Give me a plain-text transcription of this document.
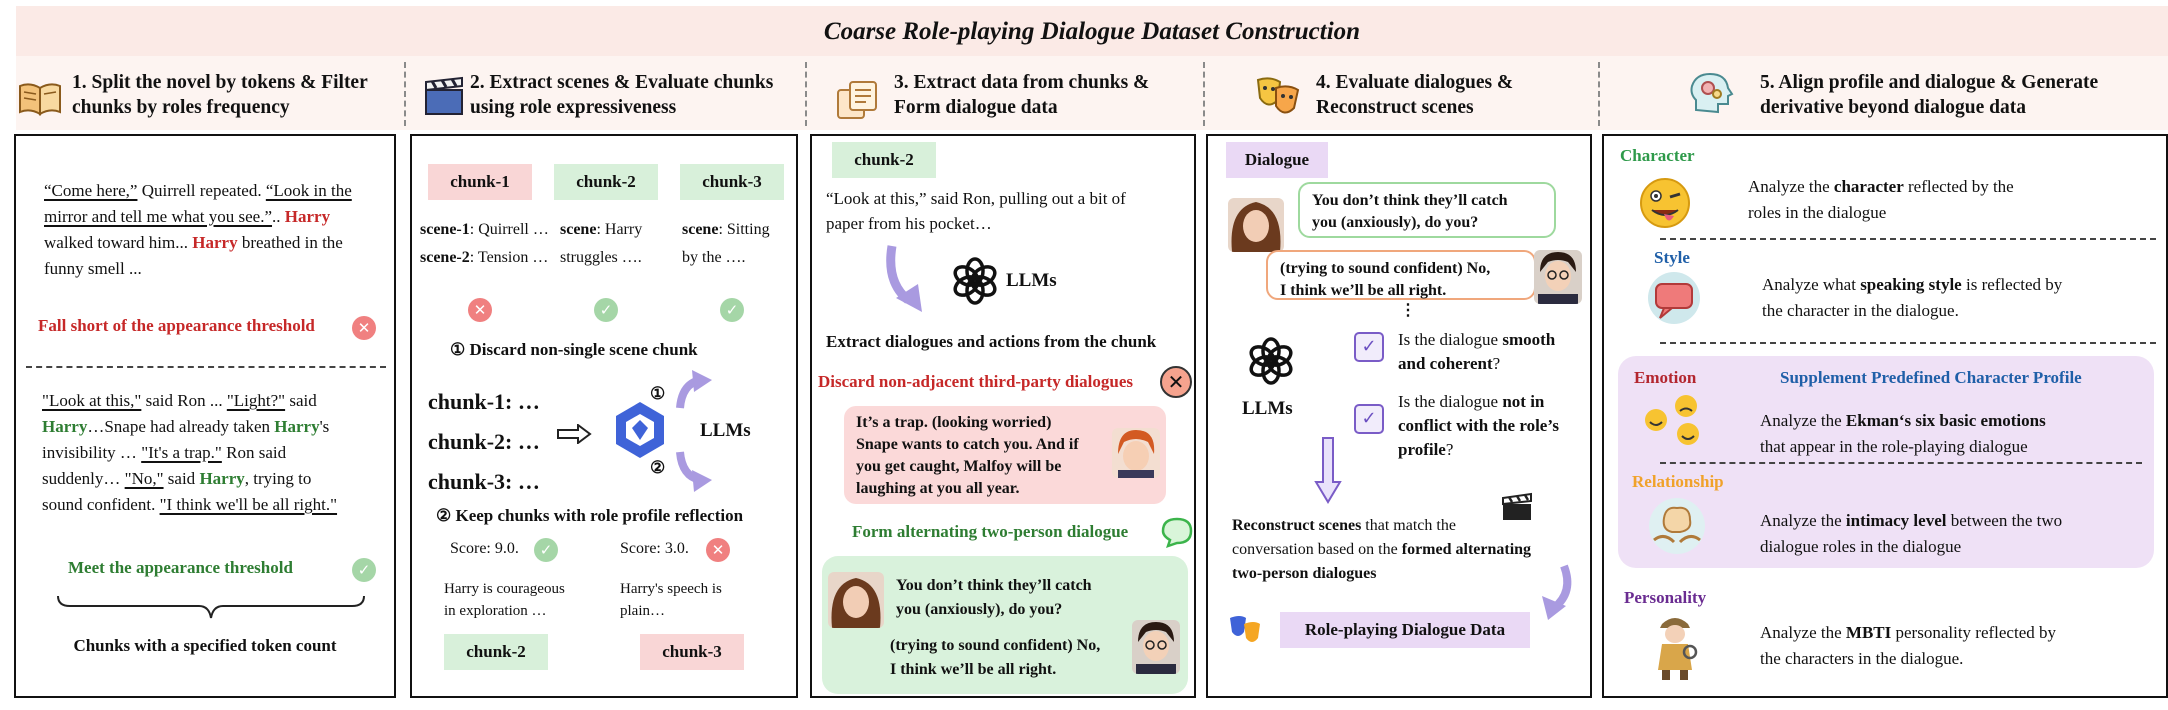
Coarse Role-playing Dialogue Dataset Construction
1. Split the novel by tokens & Filter
chunks by roles frequency
2. Extract scenes & Evaluate chunks
using role expressiveness
3. Extract data from chunks &
Form dialogue data
4. Evaluate dialogues &
Reconstruct scenes
5. Align profile and dialogue & Generate
derivative beyond dialogue data
“Come here,” Quirrell repeated. “Look in the
mirror and tell me what you see.”.. Harry
walked toward him... Harry breathed in the
funny smell ...
Fall short of the appearance threshold	✕
"Look at this," said Ron ... "Light?" said
Harry…Snape had already taken Harry's
invisibility … "It's a trap." Ron said
suddenly… "No," said Harry, trying to
sound confident. "I think we'll be all right."
Meet the appearance threshold	✓
Chunks with a specified token count
chunk-1	chunk-2	chunk-3
scene-1: Quirrell …
scene-2: Tension …
scene: Harry
struggles ….
scene: Sitting
by the ….
✕	✓	✓
① Discard non-single scene chunk
chunk-1: …
chunk-2: …
chunk-3: …
①
②
LLMs
② Keep chunks with role profile reflection
Score: 9.0.	✓	Score: 3.0.	✕
Harry is courageous
in exploration …
Harry's speech is
plain…
chunk-2	chunk-3
chunk-2
“Look at this,” said Ron, pulling out a bit of
paper from his pocket…
LLMs
Extract dialogues and actions from the chunk
Discard non-adjacent third-party dialogues	✕
It’s a trap. (looking worried)
Snape wants to catch you. And if
you get caught, Malfoy will be
laughing at you all year.
Form alternating two-person dialogue
You don’t think they’ll catch
you (anxiously), do you?
(trying to sound confident) No,
I think we’ll be all right.
Dialogue
You don’t think they’ll catch
you (anxiously), do you?
(trying to sound confident) No,
I think we’ll be all right.
⋮
LLMs
✓	Is the dialogue smooth
and coherent?
✓
Is the dialogue not in
conflict with the role’s
profile?
Reconstruct scenes that match the
conversation based on the formed alternating
two-person dialogues
Role-playing Dialogue Data
Character
Analyze the character reflected by the
roles in the dialogue
Style
Analyze what speaking style is reflected by
the character in the dialogue.
Emotion	Supplement Predefined Character Profile
Analyze the Ekman‘s six basic emotions
that appear in the role-playing dialogue
Relationship
Analyze the intimacy level between the two
dialogue roles in the dialogue
Personality
Analyze the MBTI personality reflected by
the characters in the dialogue.
